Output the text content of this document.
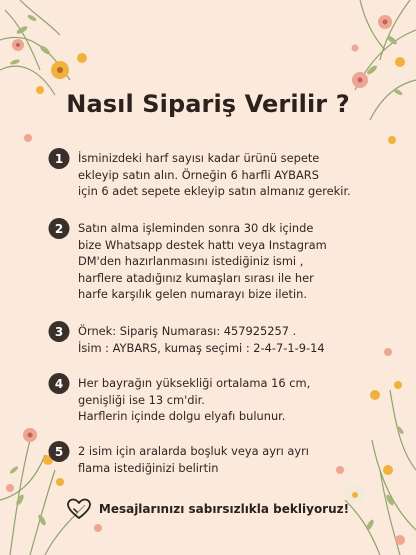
Nasıl Sipariş Verilir ?
1	İsminizdeki harf sayısı kadar ürünü sepete
ekleyip satın alın. Örneğin 6 harfli AYBARS
için 6 adet sepete ekleyip satın almanız gerekir.
2	Satın alma işleminden sonra 30 dk içinde
bize Whatsapp destek hattı veya Instagram
DM'den hazırlanmasını istediğiniz ismi ,
harflere atadığınız kumaşları sırası ile her
harfe karşılık gelen numarayı bize iletin.
3	Örnek: Sipariş Numarası: 457925257 .
İsim : AYBARS, kumaş seçimi : 2-4-7-1-9-14
4	Her bayrağın yüksekliği ortalama 16 cm,
genişliği ise 13 cm'dir.
Harflerin içinde dolgu elyafı bulunur.
5	2 isim için aralarda boşluk veya ayrı ayrı
flama istediğinizi belirtin
Mesajlarınızı sabırsızlıkla bekliyoruz!
